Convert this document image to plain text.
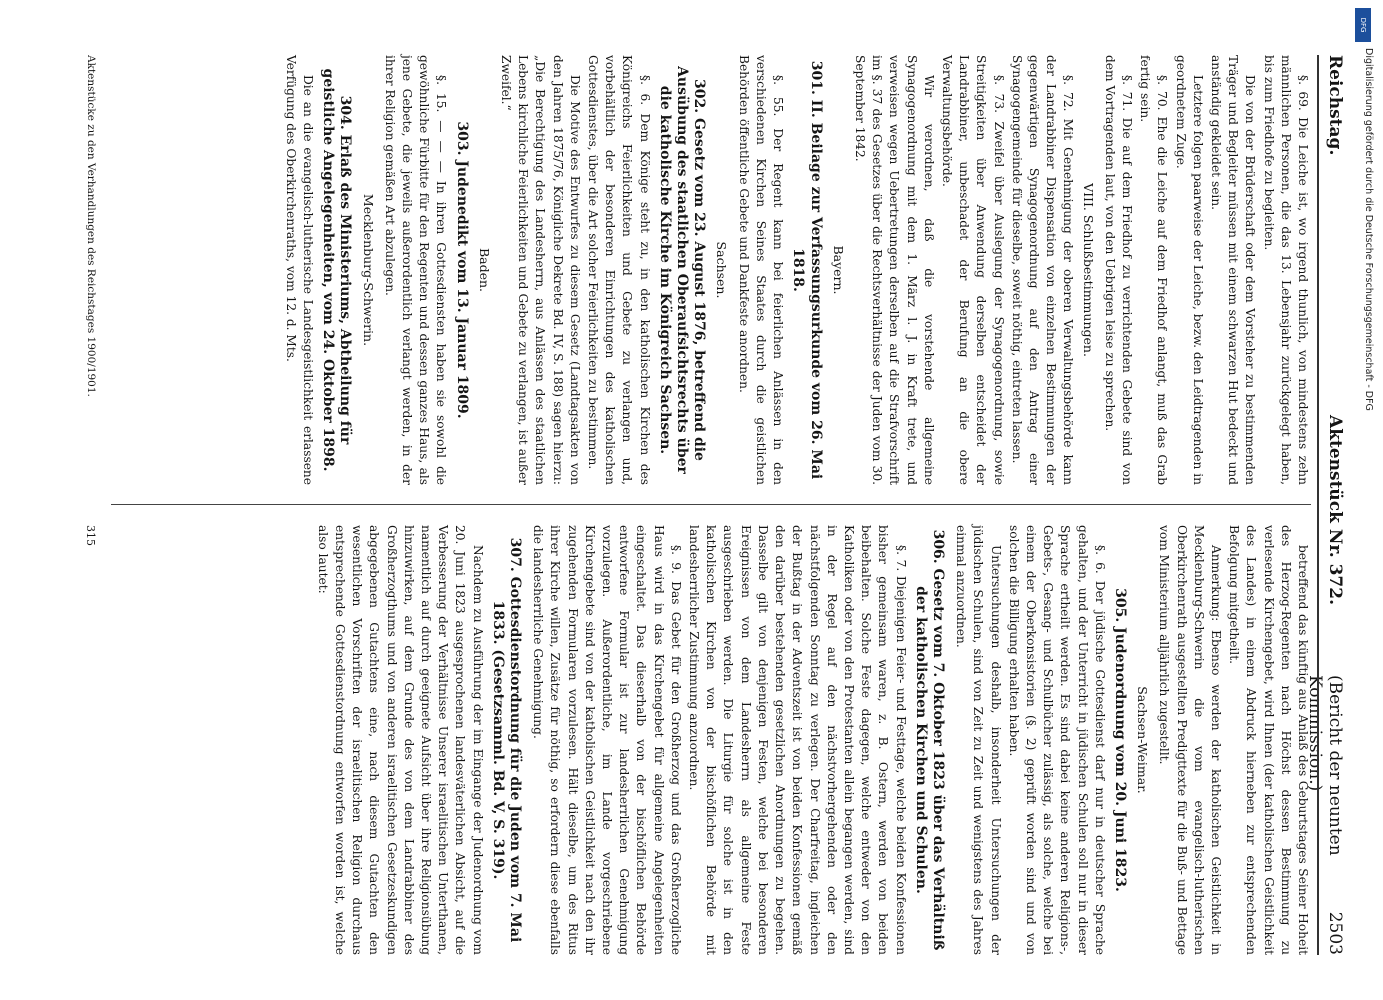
Reichstag.
Aktenstück Nr. 372.
(Bericht der neunten Kommission.)
2503

§. 69. Die Leiche ist, wo irgend thunlich, von mindestens zehn männlichen Personen, die das 13. Lebensjahr zurückgelegt haben, bis zum Friedhofe zu begleiten.

Die von der Brüderschaft oder dem Vorsteher zu bestimmenden Träger und Begleiter müssen mit einem schwarzen Hut bedeckt und anständig gekleidet sein.

Letztere folgen paarweise der Leiche, bezw. den Leidtragenden in geordnetem Zuge.

§. 70. Ehe die Leiche auf dem Friedhof anlangt, muß das Grab fertig sein.

§. 71. Die auf dem Friedhof zu verrichtenden Gebete sind von dem Vortragenden laut, von den Uebrigen leise zu sprechen.

VIII. Schlußbestimmungen.

§. 72. Mit Genehmigung der oberen Verwaltungsbehörde kann der Landrabbiner Dispensation von einzelnen Bestimmungen der gegenwärtigen Synagogenordnung auf den Antrag einer Synagogengemeinde für dieselbe, soweit nöthig, eintreten lassen.

§. 73. Zweifel über Auslegung der Synagogenordnung, sowie Streitigkeiten über Anwendung derselben entscheidet der Landrabbiner, unbeschadet der Berufung an die obere Verwaltungsbehörde.

Wir verordnen, daß die vorstehende allgemeine Synagogenordnung mit dem 1. März l. J. in Kraft trete, und verweisen wegen Uebertretungen derselben auf die Strafvorschrift im §. 37 des Gesetzes über die Rechtsverhältnisse der Juden vom 30. September 1842.

Bayern.
301. II. Beilage zur Verfassungsurkunde vom 26. Mai 1818.

§. 55. Der Regent kann bei feierlichen Anlässen in den verschiedenen Kirchen Seines Staates durch die geistlichen Behörden öffentliche Gebete und Dankfeste anordnen.

Sachsen.
302. Gesetz vom 23. August 1876, betreffend die Ausübung des staatlichen Oberaufsichtsrechts über die katholische Kirche im Königreich Sachsen.

§. 6. Dem Könige steht zu, in den katholischen Kirchen des Königreichs Feierlichkeiten und Gebete zu verlangen und, vorbehältlich der besonderen Einrichtungen des katholischen Gottesdienstes, über die Art solcher Feierlichkeiten zu bestimmen.

Die Motive des Entwurfes zu diesem Gesetz (Landtagsakten von den Jahren 1875/76, Königliche Dekrete Bd. IV, S. 188) sagen hierzu: „Die Berechtigung des Landesherrn, aus Anlässen des staatlichen Lebens kirchliche Feierlichkeiten und Gebete zu verlangen, ist außer Zweifel.“

Baden.
303. Judenedikt vom 13. Januar 1809.

§. 15. — — — In ihren Gottesdiensten haben sie sowohl die gewöhnliche Fürbitte für den Regenten und dessen ganzes Haus, als jene Gebete, die jeweils außerordentlich verlangt werden, in der ihrer Religion gemäßen Art abzulegen.

Mecklenburg-Schwerin.
304. Erlaß des Ministeriums, Abtheilung für geistliche Angelegenheiten, vom 24. Oktober 1898.

Die an die evangelisch-lutherische Landesgeistlichkeit erlassene Verfügung des Oberkirchenraths, vom 12. d. Mts.

betreffend das künftig aus Anlaß des Geburtstages Seiner Hoheit des Herzog-Regenten nach Höchst dessen Bestimmung zu verlesende Kirchengebet, wird Ihnen (der katholischen Geistlichkeit des Landes) in einem Abdruck hierneben zur entsprechenden Befolgung mitgetheilt.

Anmerkung: Ebenso werden der katholischen Geistlichkeit in Mecklenburg-Schwerin die vom evangelisch-lutherischen Oberkirchenrath ausgestellten Predigttexte für die Buß- und Bettage vom Ministerium alljährlich zugestellt.

Sachsen-Weimar.
305. Judenordnung vom 20. Juni 1823.

§. 6. Der jüdische Gottesdienst darf nur in deutscher Sprache gehalten, und der Unterricht in jüdischen Schulen soll nur in dieser Sprache ertheilt werden. Es sind dabei keine anderen Religions-, Gebets-, Gesang- und Schulbücher zulässig, als solche, welche bei einem der Oberkonsistorien (§. 2) geprüft worden sind und von solchen die Billigung erhalten haben.

Untersuchungen deshalb, insonderheit Untersuchungen der jüdischen Schulen, sind von Zeit zu Zeit und wenigstens des Jahres einmal anzuordnen.

306. Gesetz vom 7. Oktober 1823 über das Verhältniß der katholischen Kirchen und Schulen.

§. 7. Diejenigen Feier- und Festtage, welche beiden Konfessionen bisher gemeinsam waren, z. B. Ostern, werden von beiden beibehalten. Solche Feste dagegen, welche entweder von den Katholiken oder von den Protestanten allein begangen werden, sind in der Regel auf den nächstvorhergehenden oder den nächstfolgenden Sonntag zu verlegen. Der Charfreitag, ingleichen der Bußtag in der Adventszeit ist von beiden Konfessionen gemäß den darüber bestehenden gesetzlichen Anordnungen zu begehen. Dasselbe gilt von denjenigen Festen, welche bei besonderen Ereignissen von dem Landesherrn als allgemeine Feste ausgeschrieben werden. Die Liturgie für solche ist in den katholischen Kirchen von der bischöflichen Behörde mit landesherrlicher Zustimmung anzuordnen.

§. 9. Das Gebet für den Großherzog und das Großherzogliche Haus wird in das Kirchengebet für allgemeine Angelegenheiten eingeschaltet. Das dieserhalb von der bischöflichen Behörde entworfene Formular ist zur landesherrlichen Genehmigung vorzulegen. Außerordentliche, im Lande vorgeschriebene Kirchengebete sind von der katholischen Geistlichkeit nach den ihr zugehenden Formularen vorzulesen. Hält dieselbe, um des Ritus ihrer Kirche willen, Zusätze für nöthig, so erfordern diese ebenfalls die landesherrliche Genehmigung.

307. Gottesdienstordnung für die Juden vom 7. Mai 1833. (Gesetzsamml. Bd. V, S. 319).

Nachdem zu Ausführung der im Eingange der Judenordnung vom 20. Juni 1823 ausgesprochenen landesväterlichen Absicht, auf die Verbesserung der Verhältnisse Unserer israelitischen Unterthanen, namentlich auf durch geeignete Aufsicht über ihre Religionsübung hinzuwirken, auf dem Grunde des von dem Landrabbiner des Großherzogthums und von anderen israelitischen Gesetzeskundigen abgegebenen Gutachtens eine, nach diesem Gutachten den wesentlichen Vorschriften der israelitischen Religion durchaus entsprechende Gottesdienstordnung entworfen worden ist, welche also lautet:

Aktenstücke zu den Verhandlungen des Reichstages 1900/1901.
315
DFG
Digitalisierung gefördert durch die Deutsche Forschungsgemeinschaft - DFG
